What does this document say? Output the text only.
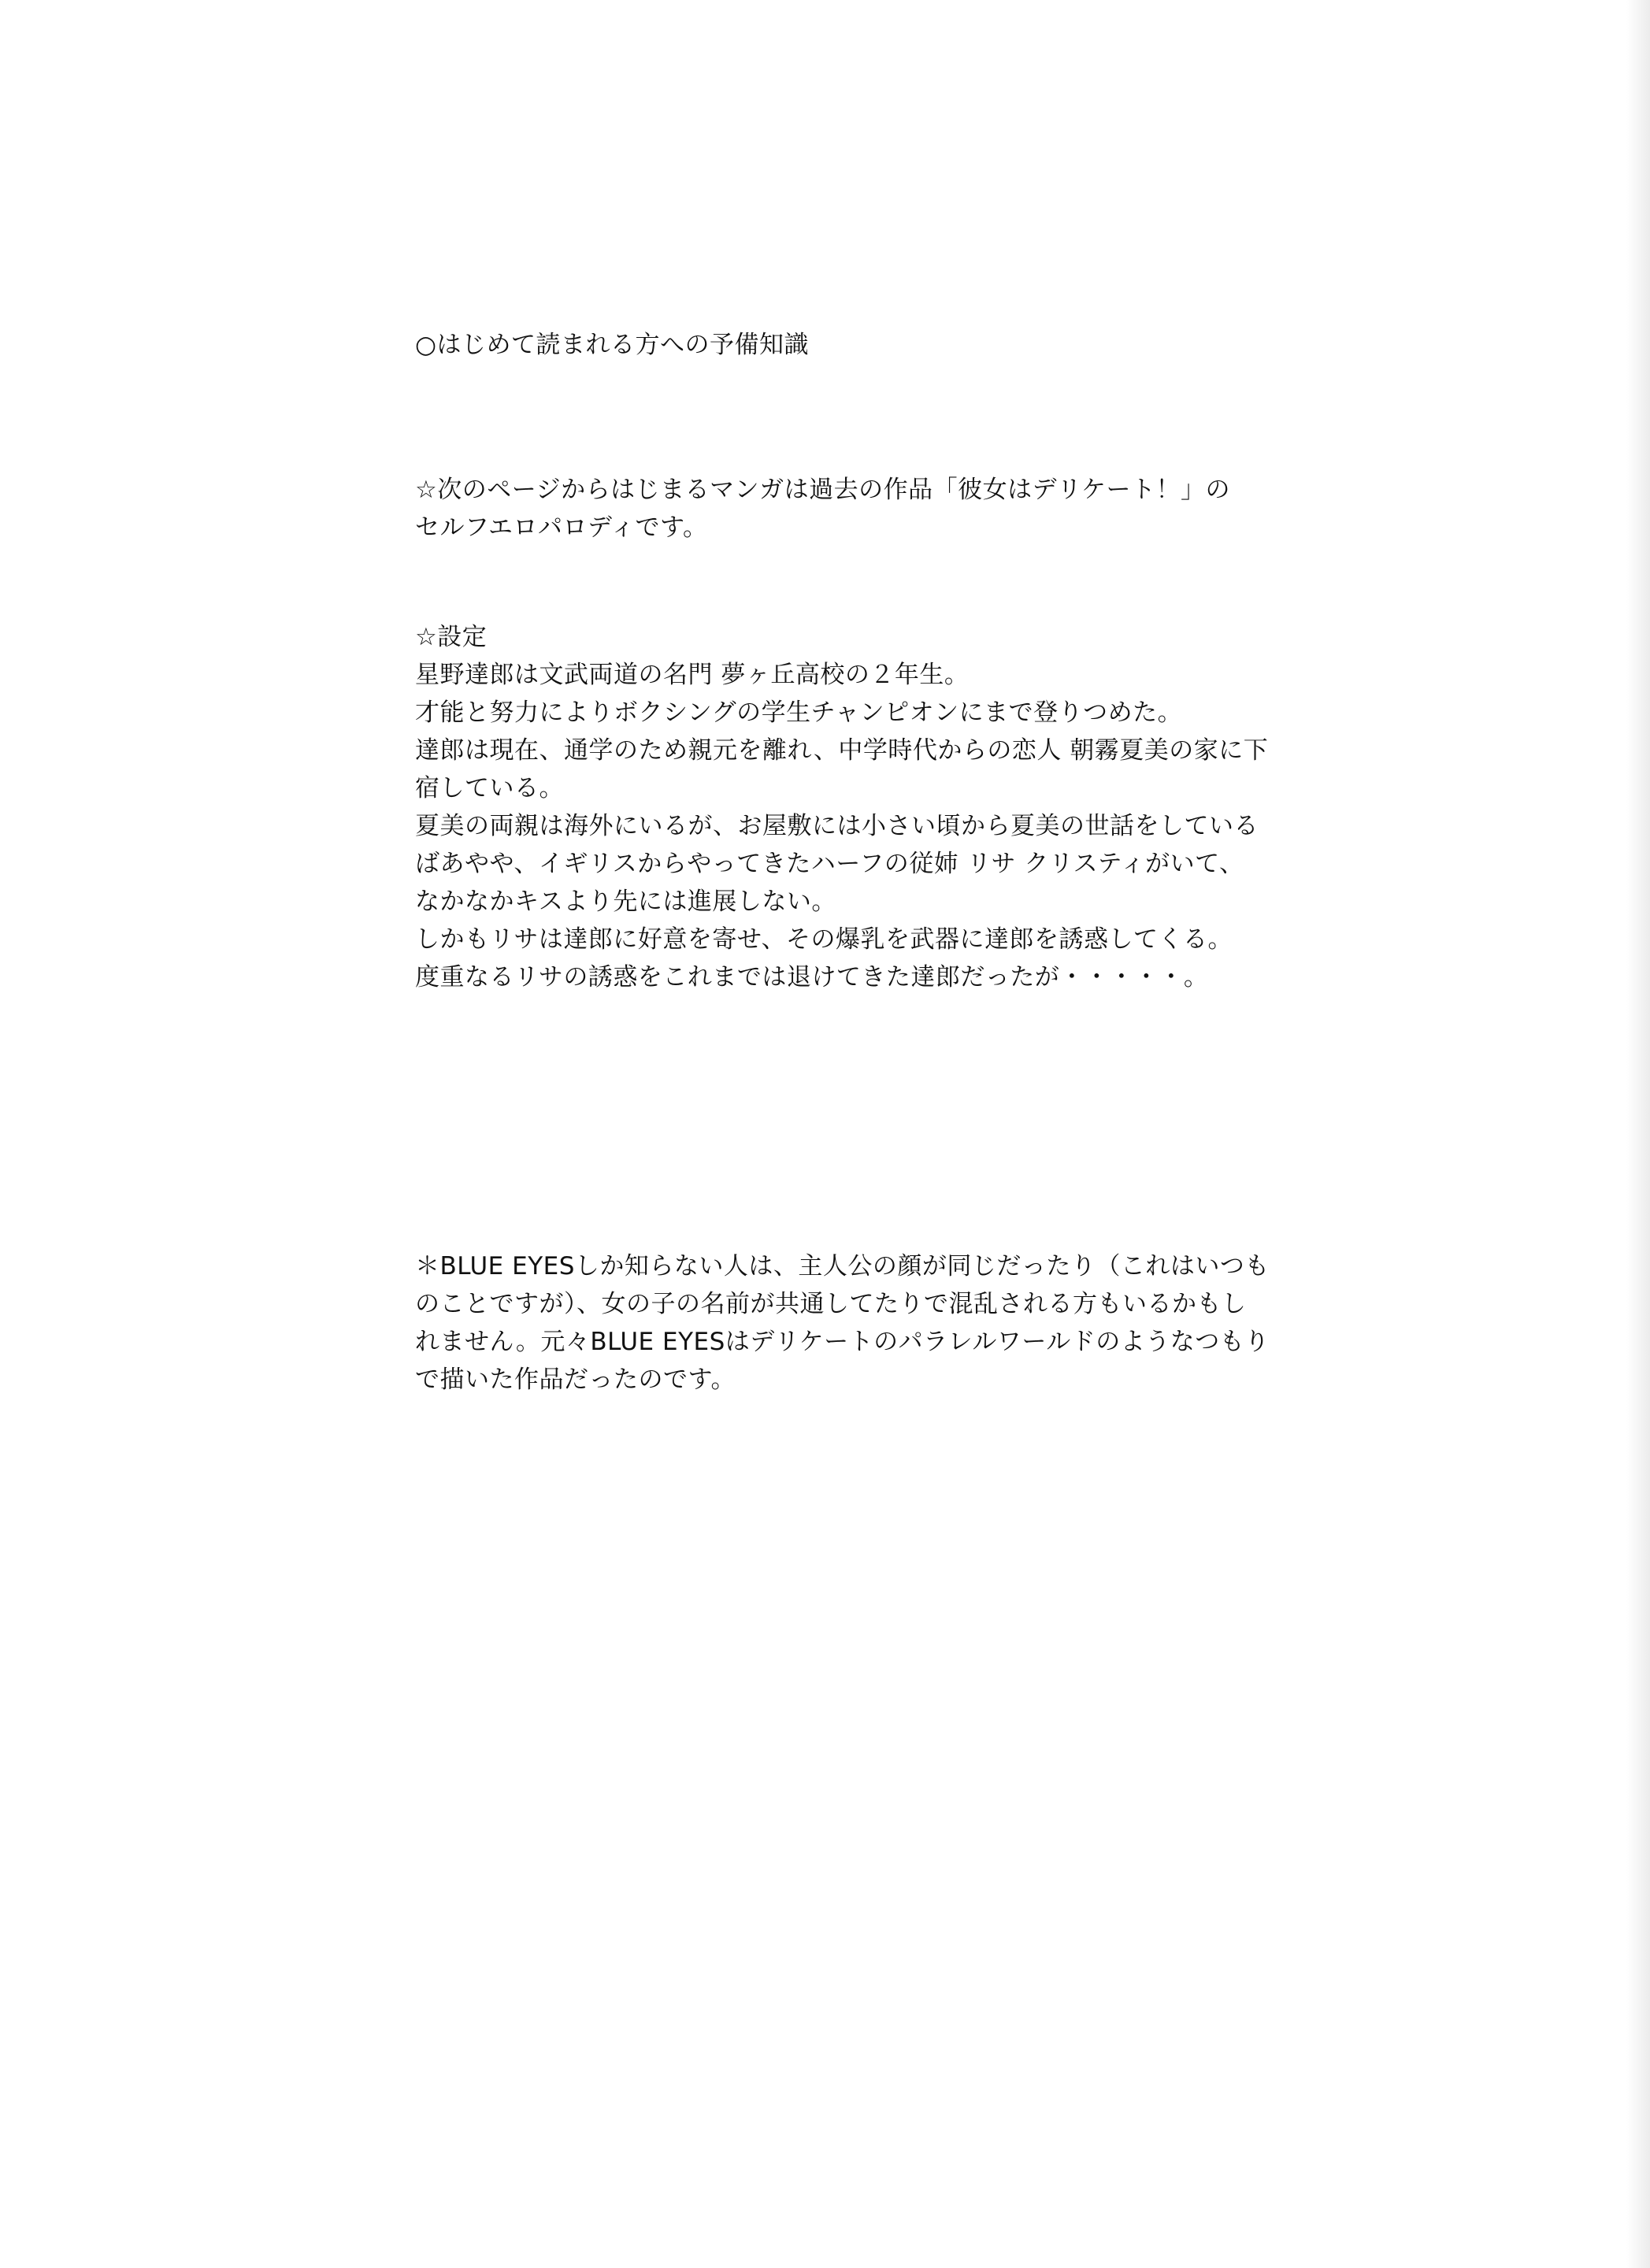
○はじめて読まれる方への予備知識
☆次のページからはじまるマンガは過去の作品「彼女はデリケート！」の
セルフエロパロディです。
☆設定
星野達郎は文武両道の名門 夢ヶ丘高校の２年生。
才能と努力によりボクシングの学生チャンピオンにまで登りつめた。
達郎は現在、通学のため親元を離れ、中学時代からの恋人 朝霧夏美の家に下
宿している。
夏美の両親は海外にいるが、お屋敷には小さい頃から夏美の世話をしている
ばあやや、イギリスからやってきたハーフの従姉 リサ クリスティがいて、
なかなかキスより先には進展しない。
しかもリサは達郎に好意を寄せ、その爆乳を武器に達郎を誘惑してくる。
度重なるリサの誘惑をこれまでは退けてきた達郎だったが・・・・・。
＊BLUE EYESしか知らない人は、主人公の顔が同じだったり（これはいつも
のことですが）、女の子の名前が共通してたりで混乱される方もいるかもし
れません。元々BLUE EYESはデリケートのパラレルワールドのようなつもり
で描いた作品だったのです。
